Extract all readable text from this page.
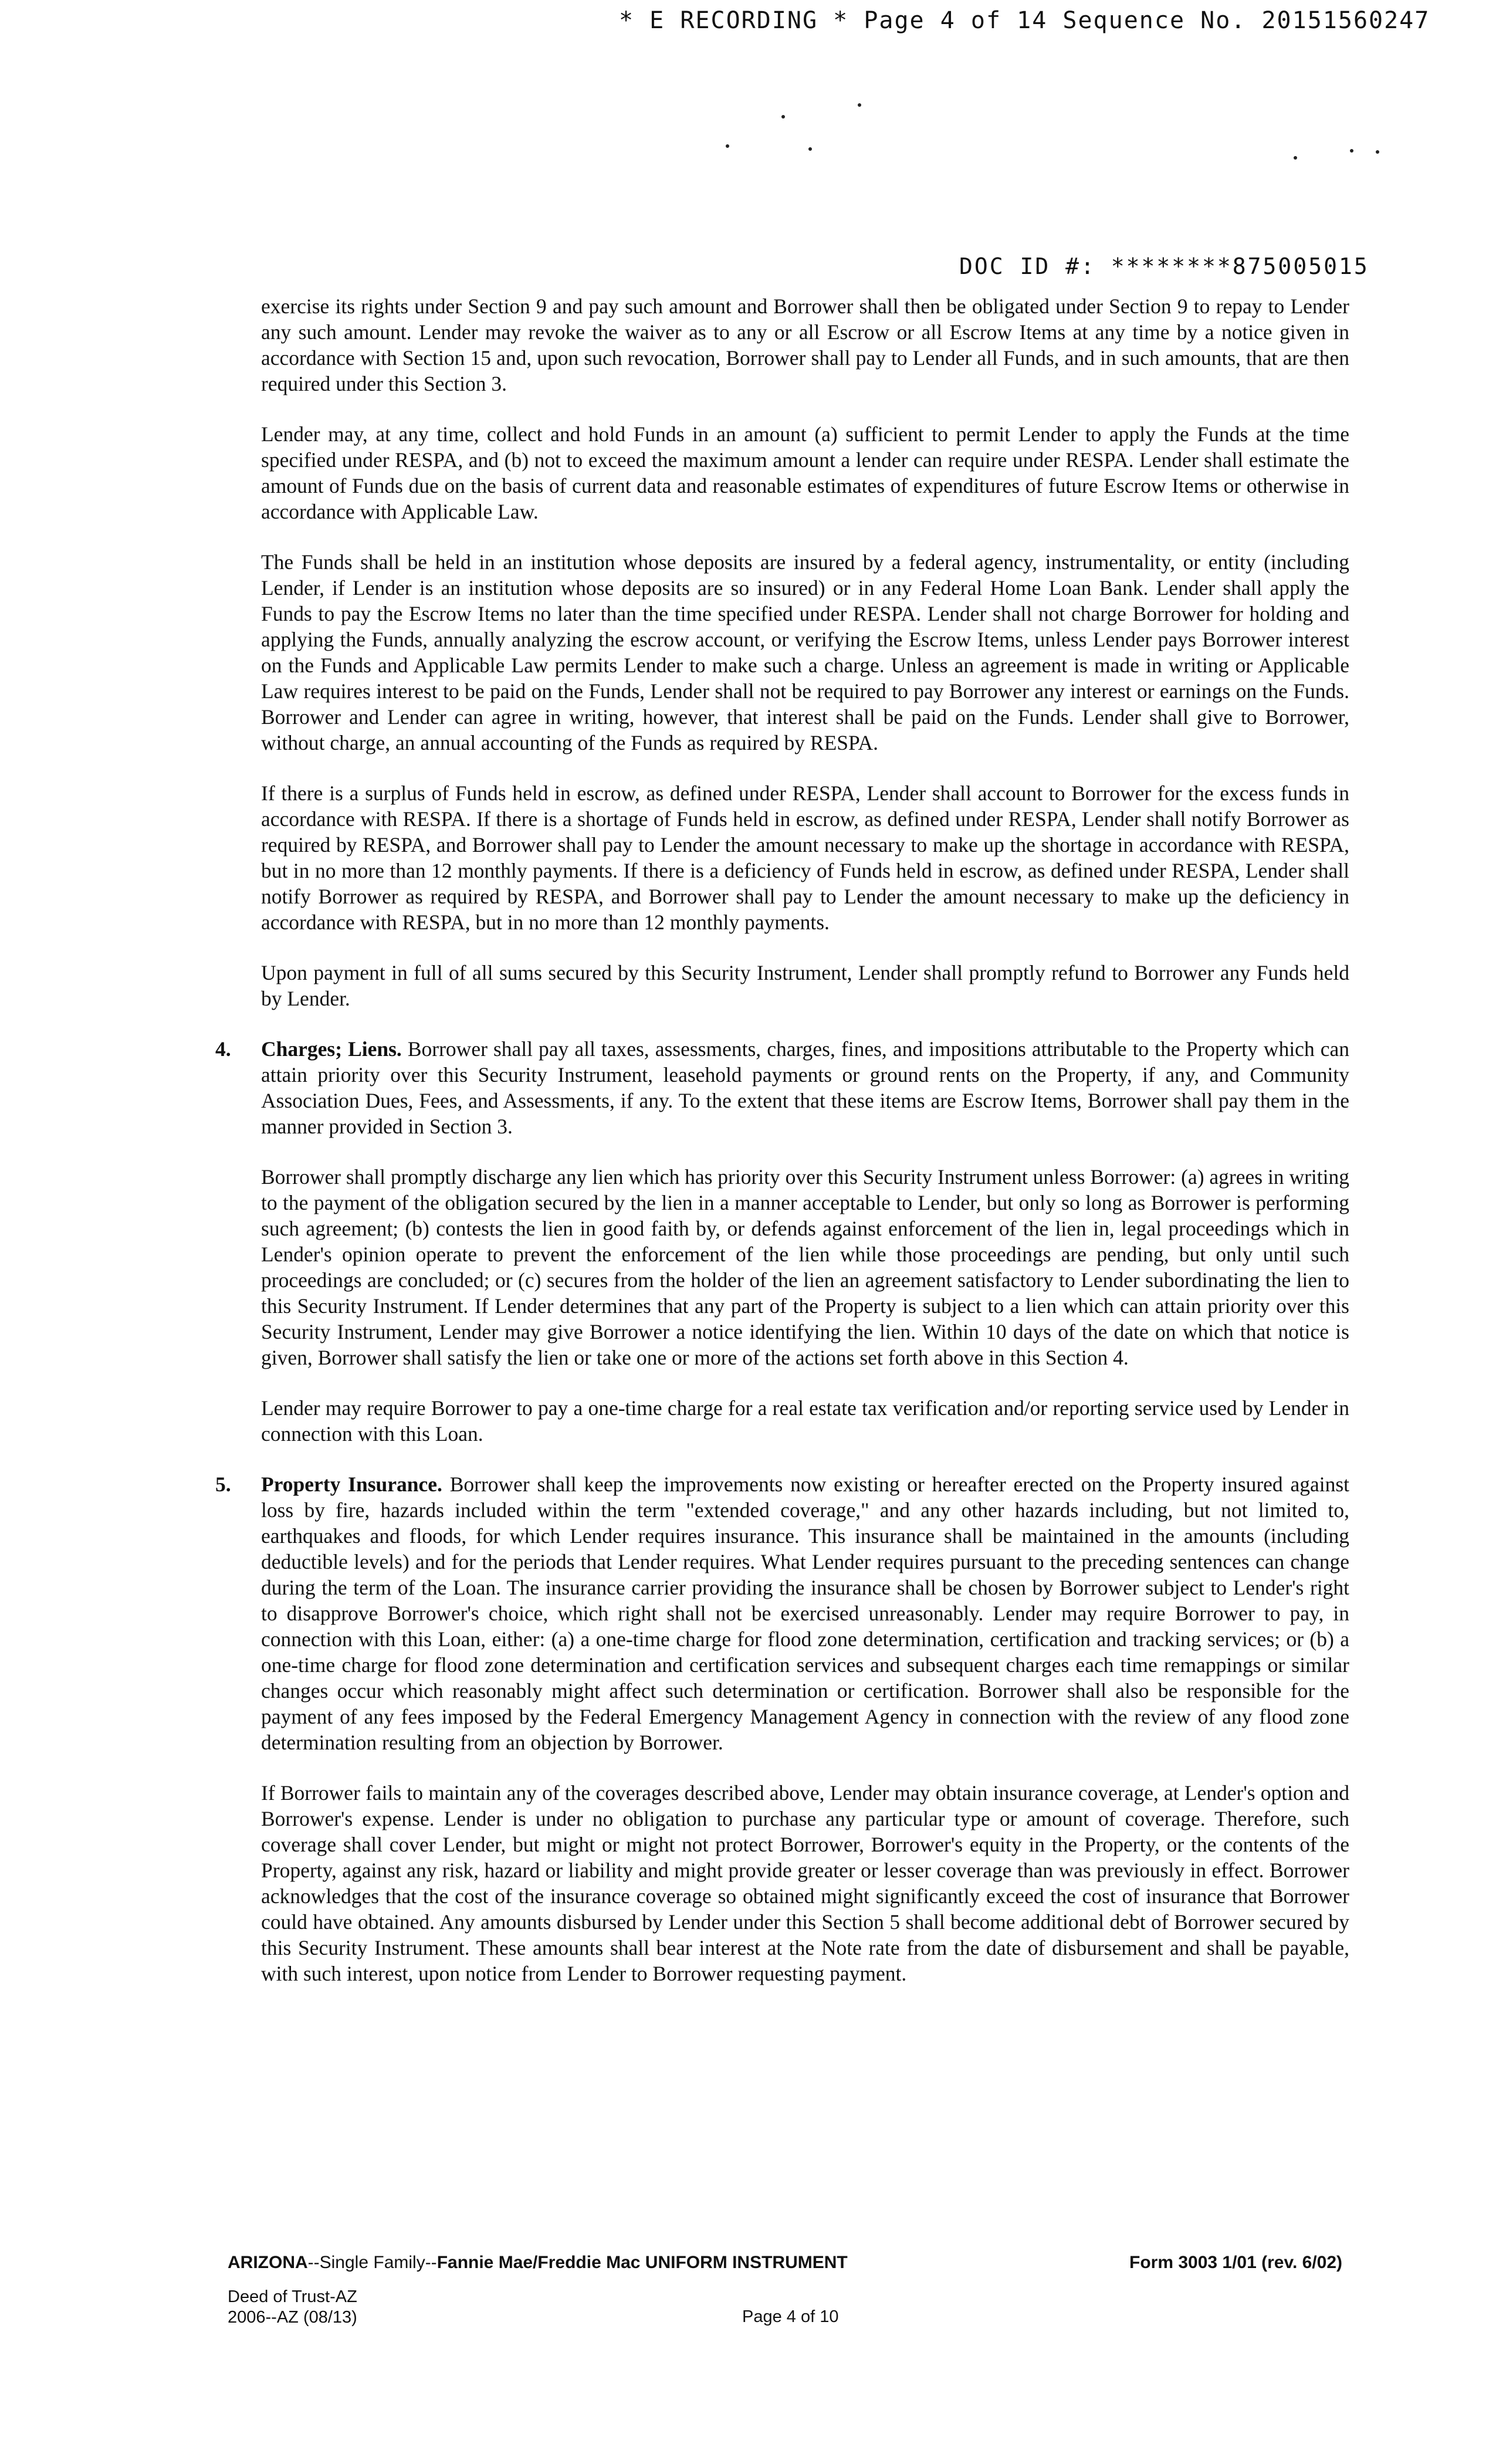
* E RECORDING * Page 4 of 14 Sequence No. 20151560247
DOC ID #: ********875005015

exercise its rights under Section 9 and pay such amount and Borrower shall then be obligated under Section 9 to repay to Lender any such amount. Lender may revoke the waiver as to any or all Escrow or all Escrow Items at any time by a notice given in accordance with Section 15 and, upon such revocation, Borrower shall pay to Lender all Funds, and in such amounts, that are then required under this Section 3.

Lender may, at any time, collect and hold Funds in an amount (a) sufficient to permit Lender to apply the Funds at the time specified under RESPA, and (b) not to exceed the maximum amount a lender can require under RESPA. Lender shall estimate the amount of Funds due on the basis of current data and reasonable estimates of expenditures of future Escrow Items or otherwise in accordance with Applicable Law.

The Funds shall be held in an institution whose deposits are insured by a federal agency, instrumentality, or entity (including Lender, if Lender is an institution whose deposits are so insured) or in any Federal Home Loan Bank. Lender shall apply the Funds to pay the Escrow Items no later than the time specified under RESPA. Lender shall not charge Borrower for holding and applying the Funds, annually analyzing the escrow account, or verifying the Escrow Items, unless Lender pays Borrower interest on the Funds and Applicable Law permits Lender to make such a charge. Unless an agreement is made in writing or Applicable Law requires interest to be paid on the Funds, Lender shall not be required to pay Borrower any interest or earnings on the Funds. Borrower and Lender can agree in writing, however, that interest shall be paid on the Funds. Lender shall give to Borrower, without charge, an annual accounting of the Funds as required by RESPA.

If there is a surplus of Funds held in escrow, as defined under RESPA, Lender shall account to Borrower for the excess funds in accordance with RESPA. If there is a shortage of Funds held in escrow, as defined under RESPA, Lender shall notify Borrower as required by RESPA, and Borrower shall pay to Lender the amount necessary to make up the shortage in accordance with RESPA, but in no more than 12 monthly payments. If there is a deficiency of Funds held in escrow, as defined under RESPA, Lender shall notify Borrower as required by RESPA, and Borrower shall pay to Lender the amount necessary to make up the deficiency in accordance with RESPA, but in no more than 12 monthly payments.

Upon payment in full of all sums secured by this Security Instrument, Lender shall promptly refund to Borrower any Funds held by Lender.

4. Charges; Liens. Borrower shall pay all taxes, assessments, charges, fines, and impositions attributable to the Property which can attain priority over this Security Instrument, leasehold payments or ground rents on the Property, if any, and Community Association Dues, Fees, and Assessments, if any. To the extent that these items are Escrow Items, Borrower shall pay them in the manner provided in Section 3.

Borrower shall promptly discharge any lien which has priority over this Security Instrument unless Borrower: (a) agrees in writing to the payment of the obligation secured by the lien in a manner acceptable to Lender, but only so long as Borrower is performing such agreement; (b) contests the lien in good faith by, or defends against enforcement of the lien in, legal proceedings which in Lender's opinion operate to prevent the enforcement of the lien while those proceedings are pending, but only until such proceedings are concluded; or (c) secures from the holder of the lien an agreement satisfactory to Lender subordinating the lien to this Security Instrument. If Lender determines that any part of the Property is subject to a lien which can attain priority over this Security Instrument, Lender may give Borrower a notice identifying the lien. Within 10 days of the date on which that notice is given, Borrower shall satisfy the lien or take one or more of the actions set forth above in this Section 4.

Lender may require Borrower to pay a one-time charge for a real estate tax verification and/or reporting service used by Lender in connection with this Loan.

5. Property Insurance. Borrower shall keep the improvements now existing or hereafter erected on the Property insured against loss by fire, hazards included within the term "extended coverage," and any other hazards including, but not limited to, earthquakes and floods, for which Lender requires insurance. This insurance shall be maintained in the amounts (including deductible levels) and for the periods that Lender requires. What Lender requires pursuant to the preceding sentences can change during the term of the Loan. The insurance carrier providing the insurance shall be chosen by Borrower subject to Lender's right to disapprove Borrower's choice, which right shall not be exercised unreasonably. Lender may require Borrower to pay, in connection with this Loan, either: (a) a one-time charge for flood zone determination, certification and tracking services; or (b) a one-time charge for flood zone determination and certification services and subsequent charges each time remappings or similar changes occur which reasonably might affect such determination or certification. Borrower shall also be responsible for the payment of any fees imposed by the Federal Emergency Management Agency in connection with the review of any flood zone determination resulting from an objection by Borrower.

If Borrower fails to maintain any of the coverages described above, Lender may obtain insurance coverage, at Lender's option and Borrower's expense. Lender is under no obligation to purchase any particular type or amount of coverage. Therefore, such coverage shall cover Lender, but might or might not protect Borrower, Borrower's equity in the Property, or the contents of the Property, against any risk, hazard or liability and might provide greater or lesser coverage than was previously in effect. Borrower acknowledges that the cost of the insurance coverage so obtained might significantly exceed the cost of insurance that Borrower could have obtained. Any amounts disbursed by Lender under this Section 5 shall become additional debt of Borrower secured by this Security Instrument. These amounts shall bear interest at the Note rate from the date of disbursement and shall be payable, with such interest, upon notice from Lender to Borrower requesting payment.

ARIZONA--Single Family--Fannie Mae/Freddie Mac UNIFORM INSTRUMENT	Form 3003 1/01 (rev. 6/02)
Deed of Trust-AZ
2006--AZ (08/13)	Page 4 of 10
